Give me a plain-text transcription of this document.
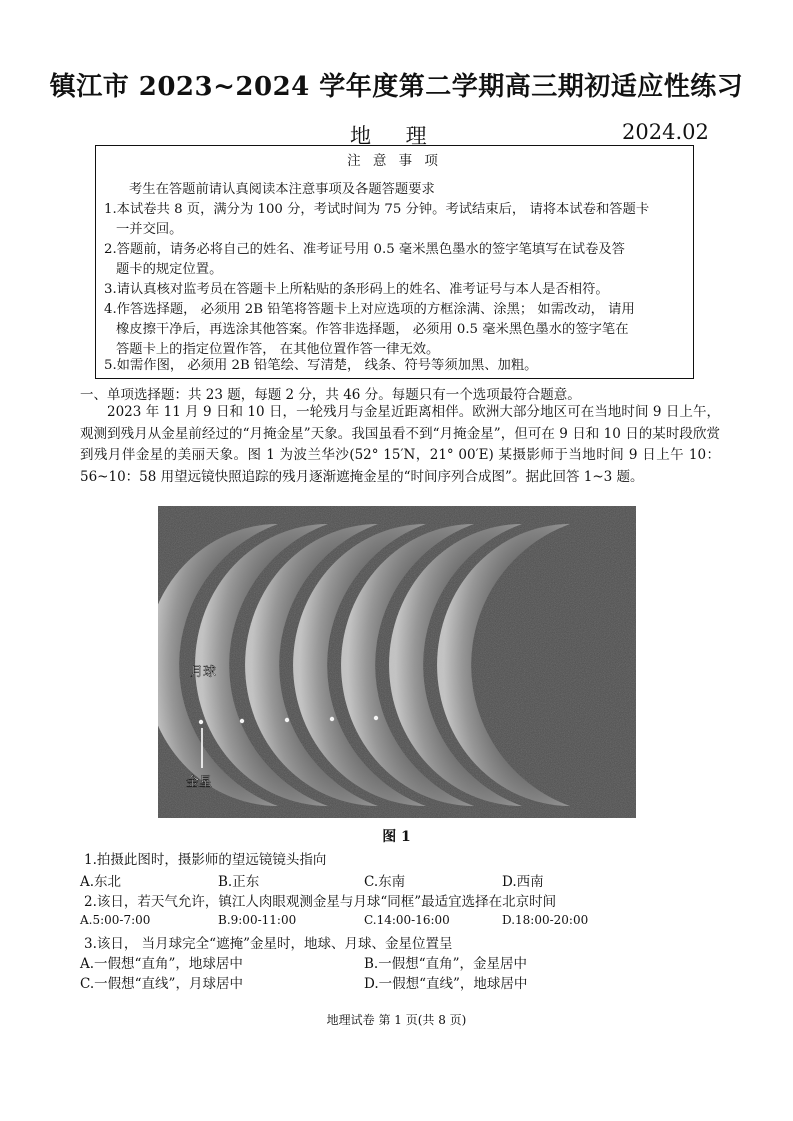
镇江市 2023~2024 学年度第二学期高三期初适应性练习
地 理	2024.02
注 意 事 项
考生在答题前请认真阅读本注意事项及各题答题要求
1.本试卷共 8 页，满分为 100 分，考试时间为 75 分钟。考试结束后， 请将本试卷和答题卡
一并交回。
2.答题前，请务必将自己的姓名、准考证号用 0.5 毫米黑色墨水的签字笔填写在试卷及答
题卡的规定位置。
3.请认真核对监考员在答题卡上所粘贴的条形码上的姓名、准考证号与本人是否相符。
4.作答选择题， 必须用 2B 铅笔将答题卡上对应选项的方框涂满、涂黑； 如需改动， 请用
橡皮擦干净后，再选涂其他答案。作答非选择题， 必须用 0.5 毫米黑色墨水的签字笔在
答题卡上的指定位置作答， 在其他位置作答一律无效。
5.如需作图， 必须用 2B 铅笔绘、写清楚， 线条、符号等须加黑、加粗。
一、单项选择题：共 23 题，每题 2 分，共 46 分。每题只有一个选项最符合题意。
2023 年 11 月 9 日和 10 日，一轮残月与金星近距离相伴。欧洲大部分地区可在当地时间 9 日上午，观测到残月从金星前经过的“月掩金星”天象。我国虽看不到“月掩金星”，但可在 9 日和 10 日的某时段欣赏到残月伴金星的美丽天象。图 1 为波兰华沙(52° 15′N，21° 00′E) 某摄影师于当地时间 9 日上午 10：56~10：58 用望远镜快照追踪的残月逐渐遮掩金星的“时间序列合成图”。据此回答 1~3 题。
月球
金星
图 1
1.拍摄此图时，摄影师的望远镜镜头指向
A.东北	B.正东	C.东南	D.西南
2.该日，若天气允许，镇江人肉眼观测金星与月球“同框”最适宜选择在北京时间
A.5:00-7:00	B.9:00-11:00	C.14:00-16:00	D.18:00-20:00
3.该日， 当月球完全“遮掩”金星时，地球、月球、金星位置呈
A.一假想“直角”，地球居中	B.一假想“直角”，金星居中
C.一假想“直线”，月球居中	D.一假想“直线”，地球居中
地理试卷 第 1 页(共 8 页)
